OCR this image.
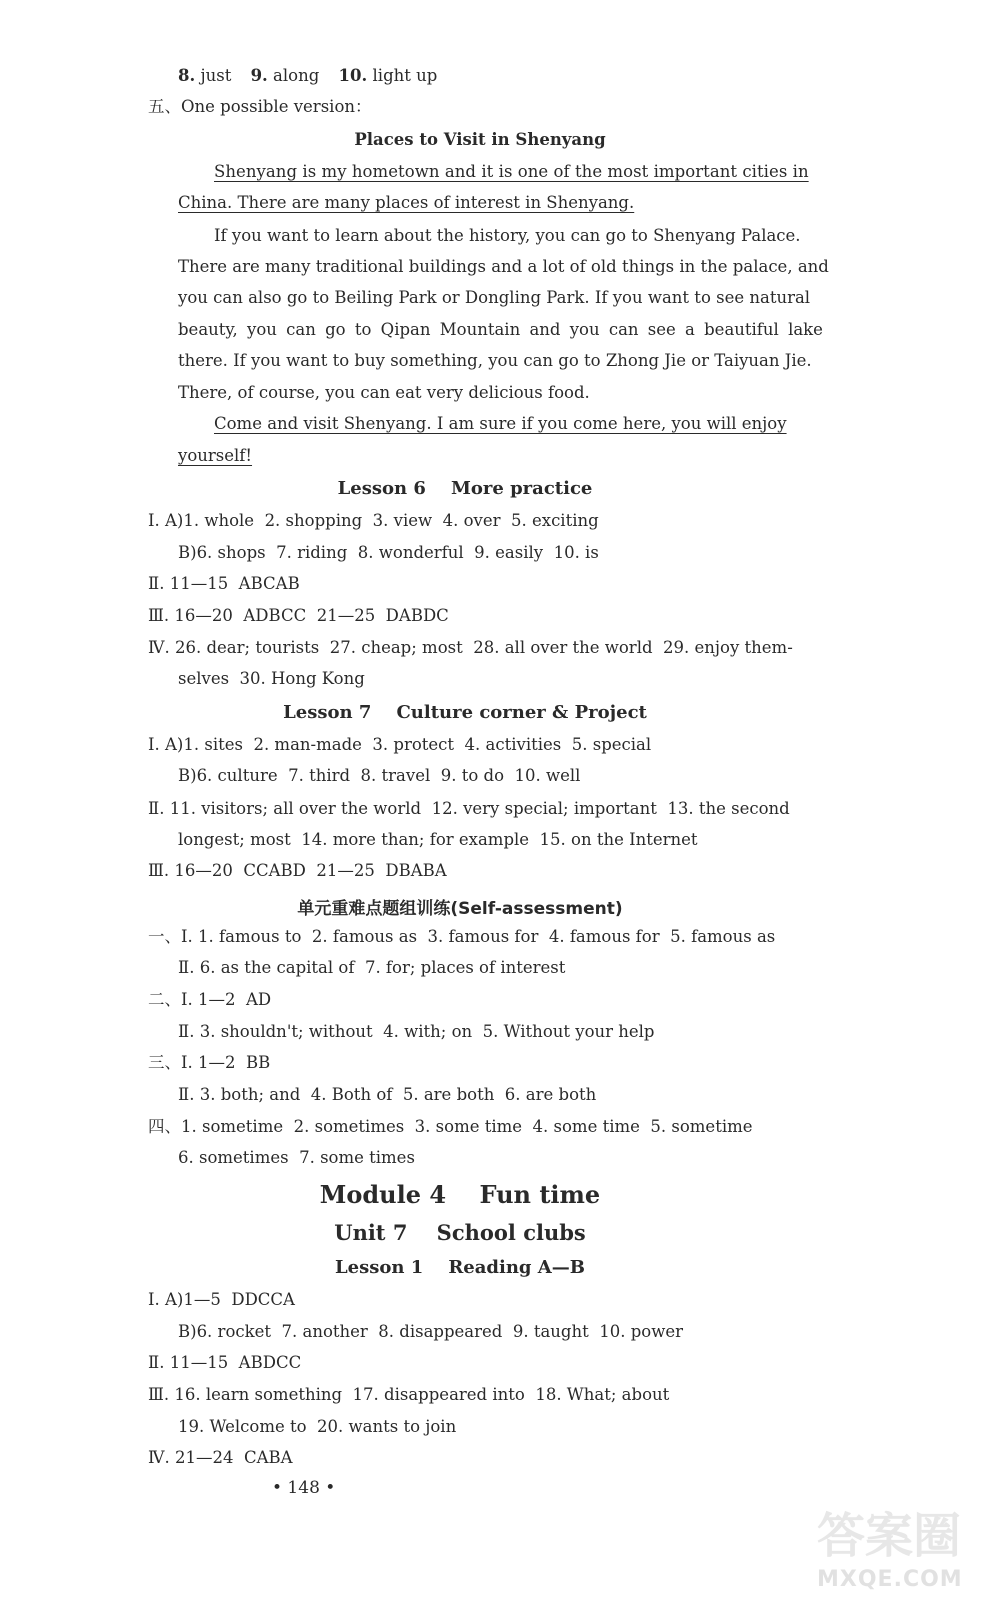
8. just 9. along 10. light up
五、One possible version：
Places to Visit in Shenyang
Shenyang is my hometown and it is one of the most important cities in
China. There are many places of interest in Shenyang.
If you want to learn about the history, you can go to Shenyang Palace.
There are many traditional buildings and a lot of old things in the palace, and
you can also go to Beiling Park or Dongling Park. If you want to see natural
beauty, you can go to Qipan Mountain and you can see a beautiful lake
there. If you want to buy something, you can go to Zhong Jie or Taiyuan Jie.
There, of course, you can eat very delicious food.
Come and visit Shenyang. I am sure if you come here, you will enjoy
yourself!
Lesson 6    More practice
Ⅰ. A)1. whole  2. shopping  3. view  4. over  5. exciting
B)6. shops  7. riding  8. wonderful  9. easily  10. is
Ⅱ. 11—15  ABCAB
Ⅲ. 16—20  ADBCC  21—25  DABDC
Ⅳ. 26. dear; tourists  27. cheap; most  28. all over the world  29. enjoy them-
selves  30. Hong Kong
Lesson 7    Culture corner & Project
Ⅰ. A)1. sites  2. man-made  3. protect  4. activities  5. special
B)6. culture  7. third  8. travel  9. to do  10. well
Ⅱ. 11. visitors; all over the world  12. very special; important  13. the second
longest; most  14. more than; for example  15. on the Internet
Ⅲ. 16—20  CCABD  21—25  DBABA
单元重难点题组训练(Self-assessment)
一、Ⅰ. 1. famous to  2. famous as  3. famous for  4. famous for  5. famous as
Ⅱ. 6. as the capital of  7. for; places of interest
二、Ⅰ. 1—2  AD
Ⅱ. 3. shouldn't; without  4. with; on  5. Without your help
三、Ⅰ. 1—2  BB
Ⅱ. 3. both; and  4. Both of  5. are both  6. are both
四、1. sometime  2. sometimes  3. some time  4. some time  5. sometime
6. sometimes  7. some times
Module 4    Fun time
Unit 7    School clubs
Lesson 1    Reading A—B
Ⅰ. A)1—5  DDCCA
B)6. rocket  7. another  8. disappeared  9. taught  10. power
Ⅱ. 11—15  ABDCC
Ⅲ. 16. learn something  17. disappeared into  18. What; about
19. Welcome to  20. wants to join
Ⅳ. 21—24  CABA
• 148 •
答案圈
MXQE.COM
